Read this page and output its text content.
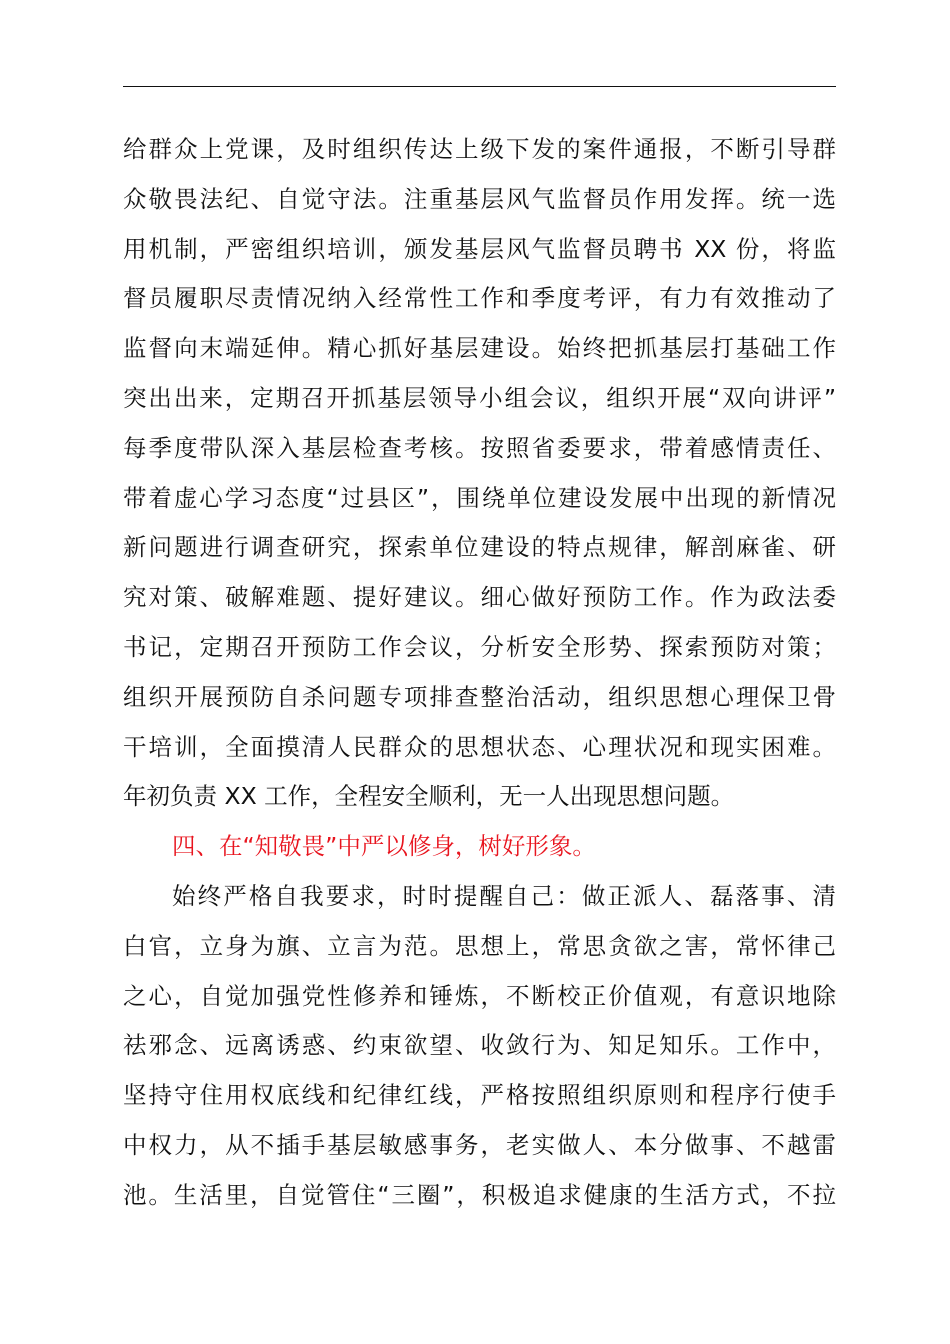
给群众上党课，及时组织传达上级下发的案件通报，不断引导群
众敬畏法纪、自觉守法。注重基层风气监督员作用发挥。统一选
用机制，严密组织培训，颁发基层风气监督员聘书 XX 份，将监
督员履职尽责情况纳入经常性工作和季度考评，有力有效推动了
监督向末端延伸。精心抓好基层建设。始终把抓基层打基础工作
突出出来，定期召开抓基层领导小组会议，组织开展“双向讲评”
每季度带队深入基层检查考核。按照省委要求，带着感情责任、
带着虚心学习态度“过县区”，围绕单位建设发展中出现的新情况
新问题进行调查研究，探索单位建设的特点规律，解剖麻雀、研
究对策、破解难题、提好建议。细心做好预防工作。作为政法委
书记，定期召开预防工作会议，分析安全形势、探索预防对策；
组织开展预防自杀问题专项排查整治活动，组织思想心理保卫骨
干培训，全面摸清人民群众的思想状态、心理状况和现实困难。
年初负责 XX 工作，全程安全顺利，无一人出现思想问题。
四、在“知敬畏”中严以修身，树好形象。
始终严格自我要求，时时提醒自己：做正派人、磊落事、清
白官，立身为旗、立言为范。思想上，常思贪欲之害，常怀律己
之心，自觉加强党性修养和锤炼，不断校正价值观，有意识地除
祛邪念、远离诱惑、约束欲望、收敛行为、知足知乐。工作中，
坚持守住用权底线和纪律红线，严格按照组织原则和程序行使手
中权力，从不插手基层敏感事务，老实做人、本分做事、不越雷
池。生活里，自觉管住“三圈”，积极追求健康的生活方式，不拉
